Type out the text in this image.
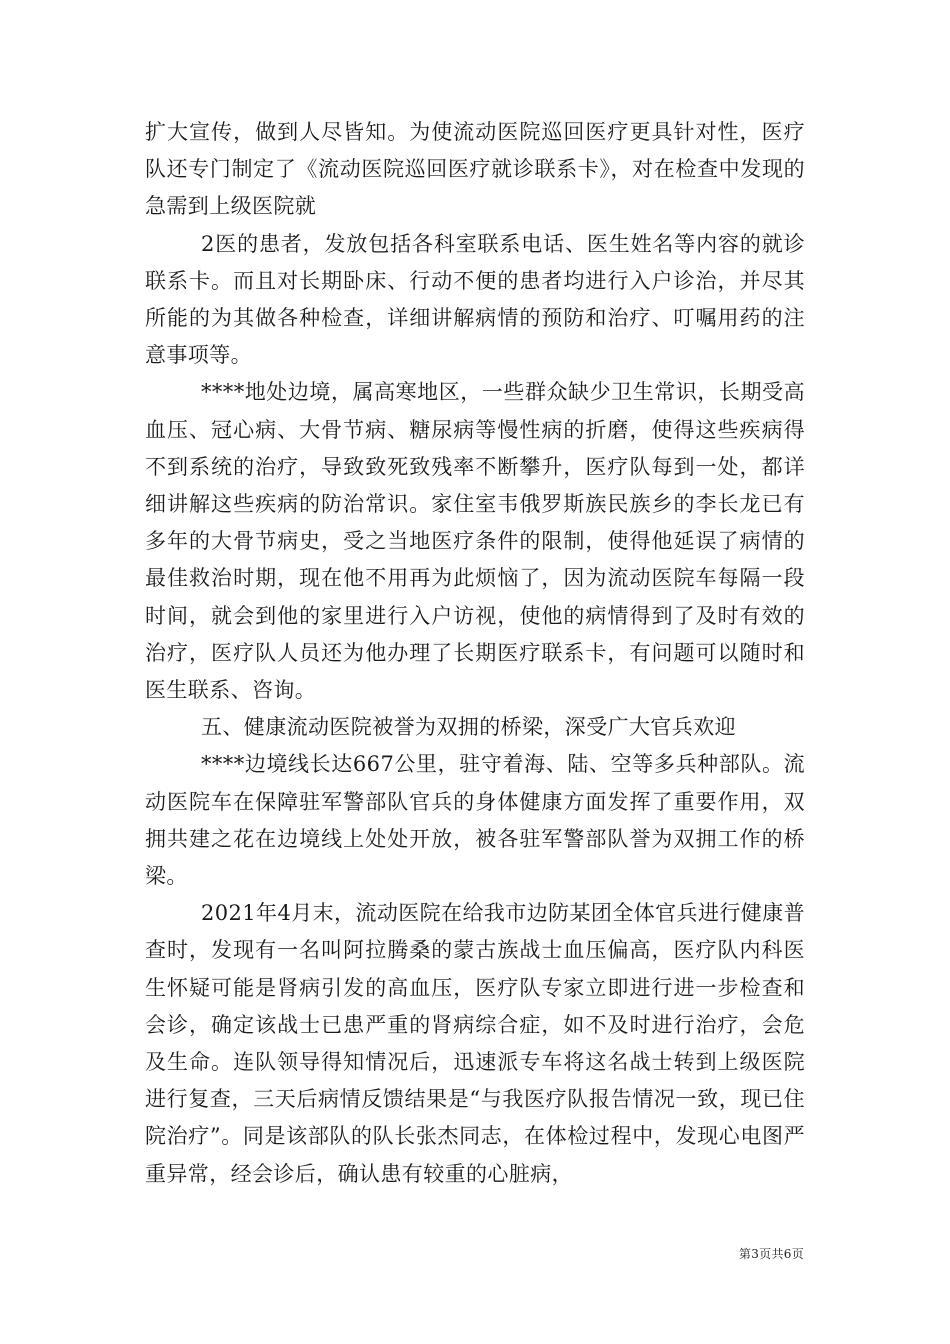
扩大宣传，做到人尽皆知。为使流动医院巡回医疗更具针对性，医疗队还专门制定了《流动医院巡回医疗就诊联系卡》，对在检查中发现的急需到上级医院就

2医的患者，发放包括各科室联系电话、医生姓名等内容的就诊联系卡。而且对长期卧床、行动不便的患者均进行入户诊治，并尽其所能的为其做各种检查，详细讲解病情的预防和治疗、叮嘱用药的注意事项等。

****地处边境，属高寒地区，一些群众缺少卫生常识，长期受高血压、冠心病、大骨节病、糖尿病等慢性病的折磨，使得这些疾病得不到系统的治疗，导致致死致残率不断攀升，医疗队每到一处，都详细讲解这些疾病的防治常识。家住室韦俄罗斯族民族乡的李长龙已有多年的大骨节病史，受之当地医疗条件的限制，使得他延误了病情的最佳救治时期，现在他不用再为此烦恼了，因为流动医院车每隔一段时间，就会到他的家里进行入户访视，使他的病情得到了及时有效的治疗，医疗队人员还为他办理了长期医疗联系卡，有问题可以随时和医生联系、咨询。

五、健康流动医院被誉为双拥的桥梁，深受广大官兵欢迎

****边境线长达667公里，驻守着海、陆、空等多兵种部队。流动医院车在保障驻军警部队官兵的身体健康方面发挥了重要作用，双拥共建之花在边境线上处处开放，被各驻军警部队誉为双拥工作的桥梁。

2021年4月末，流动医院在给我市边防某团全体官兵进行健康普查时，发现有一名叫阿拉腾桑的蒙古族战士血压偏高，医疗队内科医生怀疑可能是肾病引发的高血压，医疗队专家立即进行进一步检查和会诊，确定该战士已患严重的肾病综合症，如不及时进行治疗，会危及生命。连队领导得知情况后，迅速派专车将这名战士转到上级医院进行复查，三天后病情反馈结果是“与我医疗队报告情况一致，现已住院治疗”。同是该部队的队长张杰同志，在体检过程中，发现心电图严重异常，经会诊后，确认患有较重的心脏病，

第3页共6页
